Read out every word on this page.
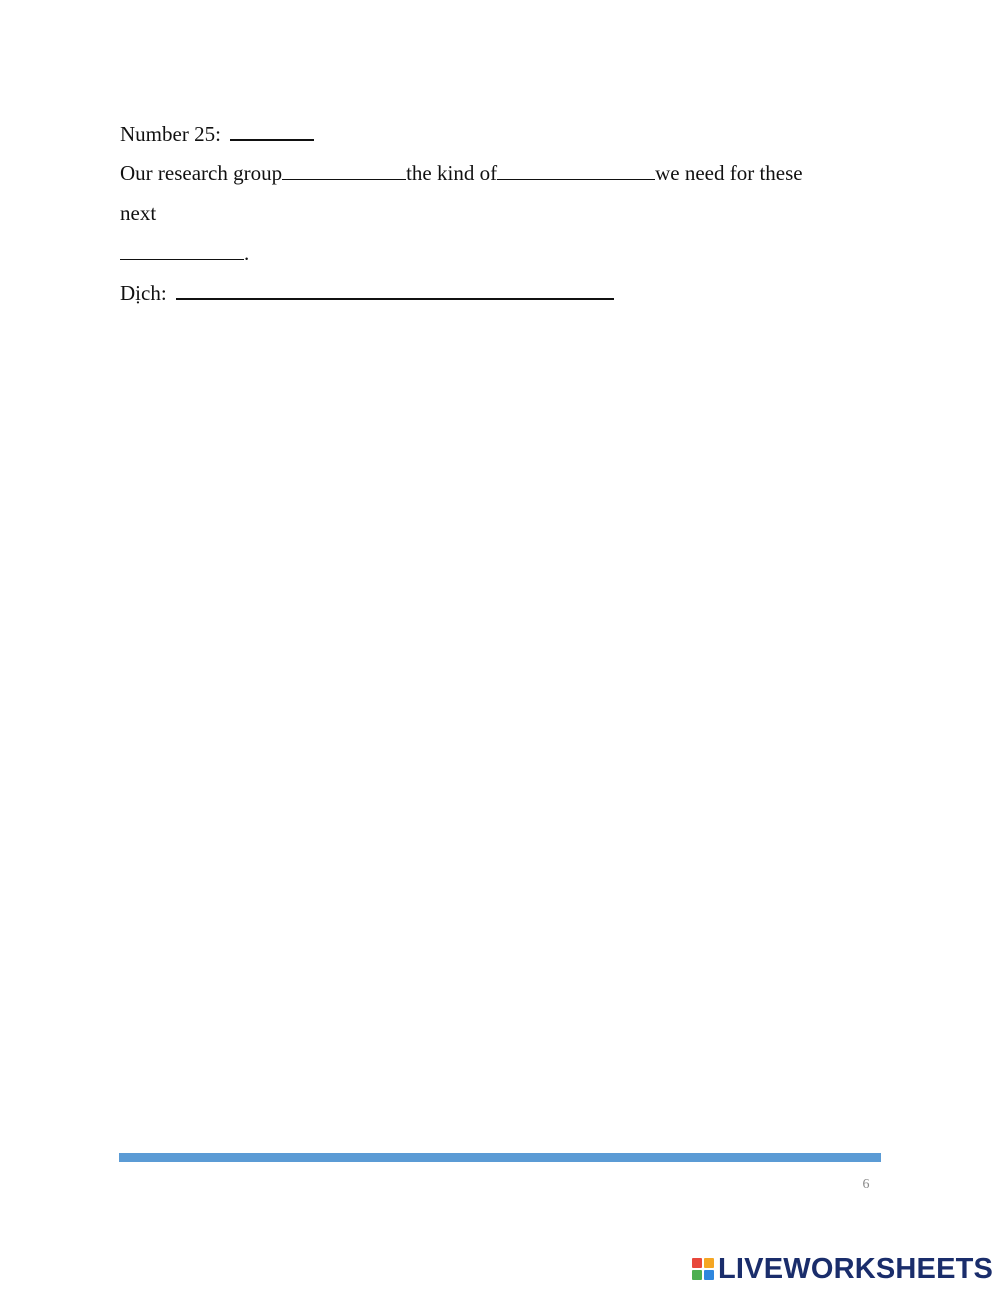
Number 25:
Our research group	the kind of	we need for these
next
.
Dịch:
6
LIVEWORKSHEETS
